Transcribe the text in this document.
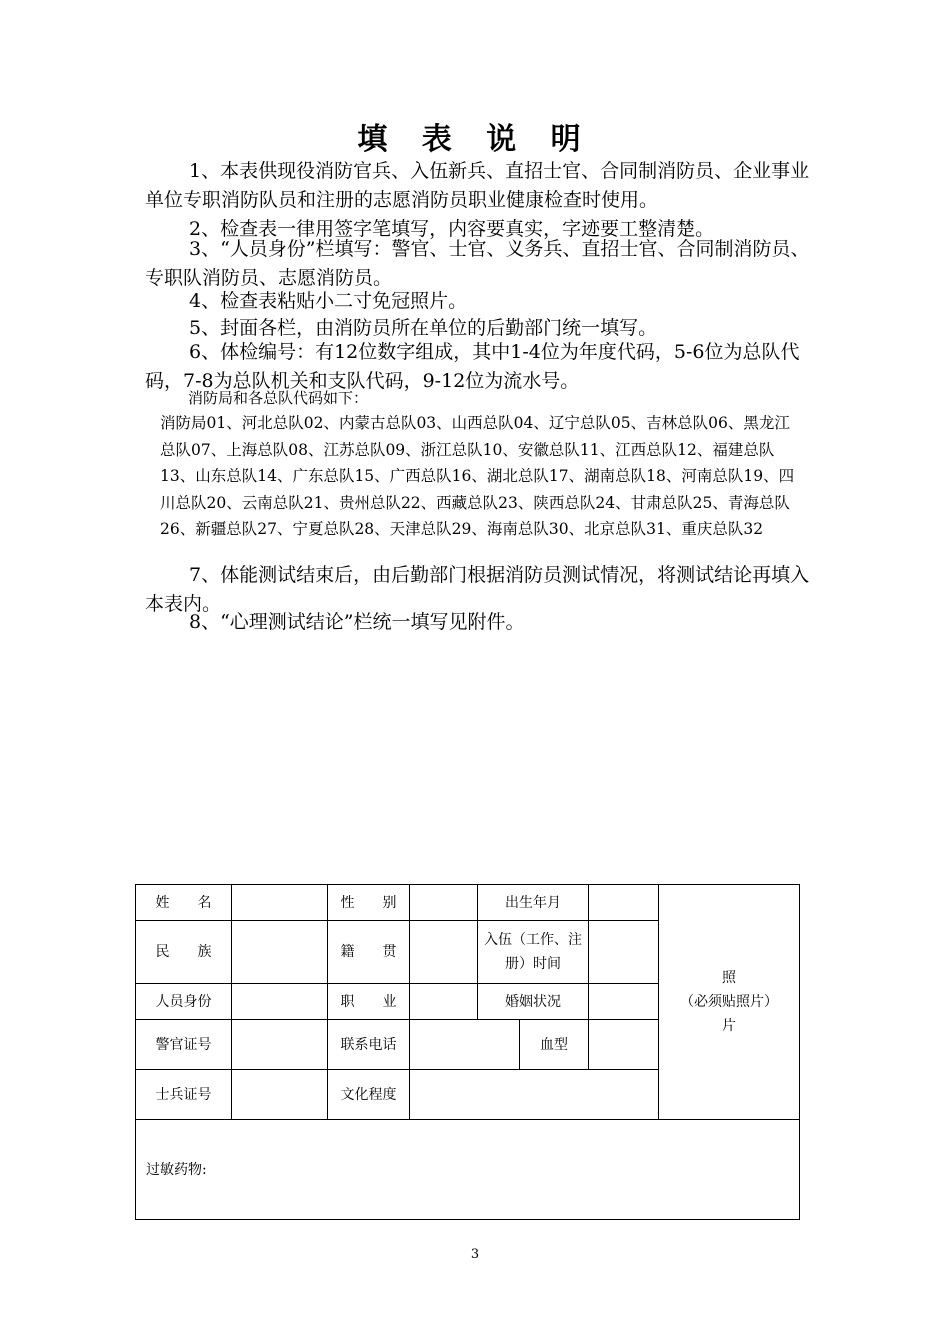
填 表 说 明
1、本表供现役消防官兵、入伍新兵、直招士官、合同制消防员、企业事业单位专职消防队员和注册的志愿消防员职业健康检查时使用。
2、检查表一律用签字笔填写，内容要真实，字迹要工整清楚。
3、“人员身份”栏填写：警官、士官、义务兵、直招士官、合同制消防员、专职队消防员、志愿消防员。
4、检查表粘贴小二寸免冠照片。
5、封面各栏，由消防员所在单位的后勤部门统一填写。
6、体检编号：有12位数字组成，其中1-4位为年度代码，5-6位为总队代码，7-8为总队机关和支队代码，9-12位为流水号。
消防局和各总队代码如下：
消防局01、河北总队02、内蒙古总队03、山西总队04、辽宁总队05、吉林总队06、黑龙江总队07、上海总队08、江苏总队09、浙江总队10、安徽总队11、江西总队12、福建总队13、山东总队14、广东总队15、广西总队16、湖北总队17、湖南总队18、河南总队19、四川总队20、云南总队21、贵州总队22、西藏总队23、陕西总队24、甘肃总队25、青海总队26、新疆总队27、宁夏总队28、天津总队29、海南总队30、北京总队31、重庆总队32
7、体能测试结束后，由后勤部门根据消防员测试情况，将测试结论再填入本表内。
8、“心理测试结论”栏统一填写见附件。
姓　　名		性　　别		出生年月			照
（必须贴照片）
片

民　　族		籍　　贯		入伍（工作、注册）时间			
人员身份		职　　业		婚姻状况			
警官证号		联系电话			血型		
士兵证号		文化程度					
过敏药物:							
3
